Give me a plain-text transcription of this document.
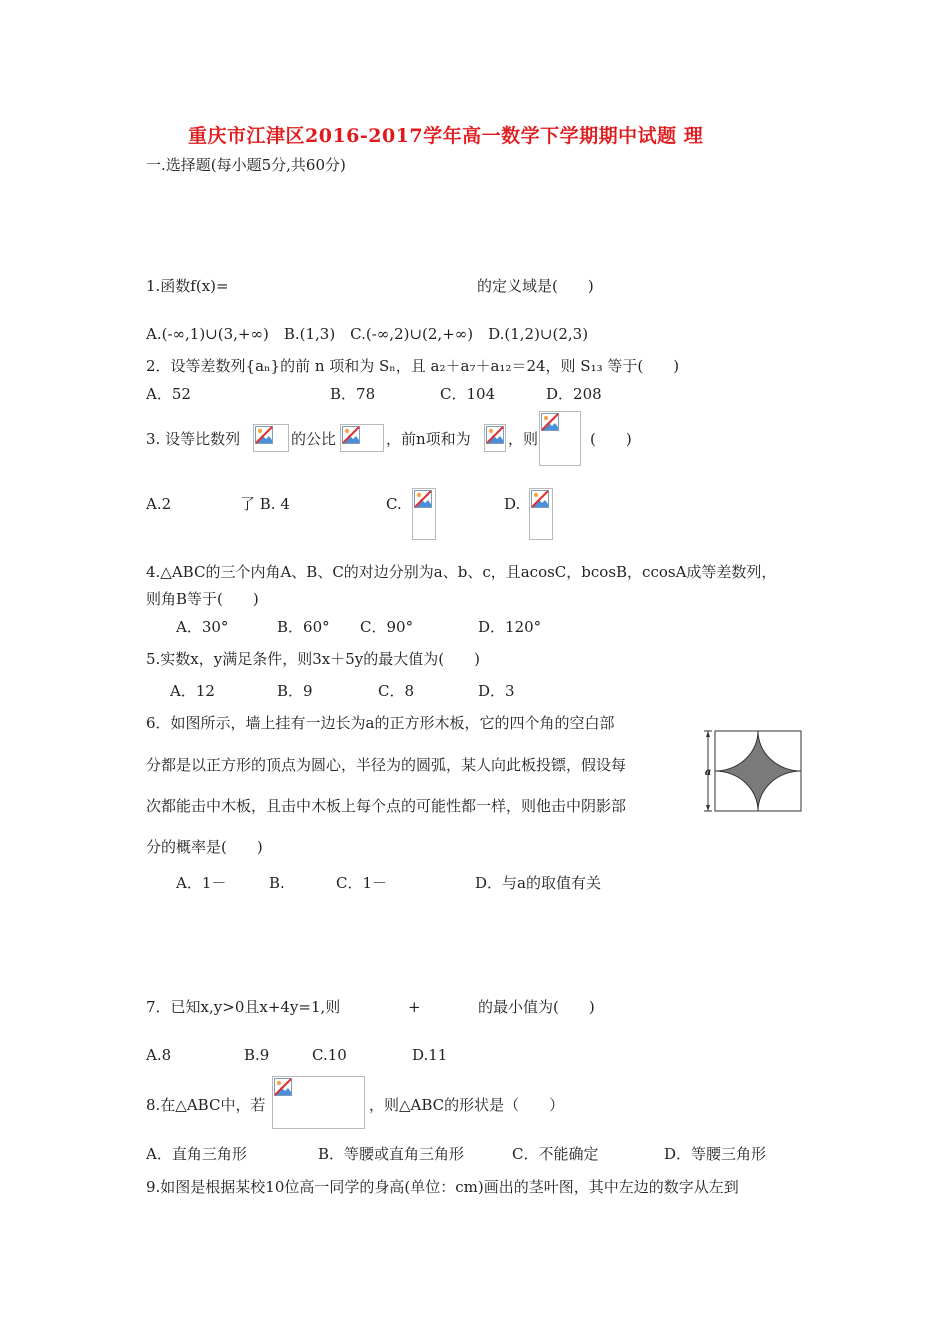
重庆市江津区2016-2017学年高一数学下学期期中试题 理
一.选择题(每小题5分,共60分)
1.函数f(x)=	的定义域是(　　)
A.(-∞,1)∪(3,+∞)　B.(1,3)　C.(-∞,2)∪(2,+∞)　D.(1,2)∪(2,3)
2．设等差数列{aₙ}的前 n 项和为 Sₙ，且 a₂＋a₇＋a₁₂＝24，则 S₁₃ 等于(　　)
A．52	B．78	C．104	D．208
3. 设等比数列	的公比	，前n项和为 ，则	(　　)
A.2	了 B. 4	C.	D.
4.△ABC的三个内角A、B、C的对边分别为a、b、c，且acosC，bcosB，ccosA成等差数列，
则角B等于(　　)
A．30°	B．60° C．90°	D．120°
5.实数x，y满足条件，则3x＋5y的最大值为(　　)
A．12	B．9	C．8	D．3
6．如图所示，墙上挂有一边长为a的正方形木板，它的四个角的空白部
分都是以正方形的顶点为圆心，半径为的圆弧，某人向此板投镖，假设每
次都能击中木板，且击中木板上每个点的可能性都一样，则他击中阴影部
分的概率是(　　)
A．1－	B.	C．1－	D．与a的取值有关
a
7．已知x,y>0且x+4y=1,则	+	的最小值为(　　)
A.8	B.9	C.10	D.11
8.在△ABC中，若	，则△ABC的形状是（　　）
A．直角三角形	B．等腰或直角三角形	C．不能确定	D．等腰三角形
9.如图是根据某校10位高一同学的身高(单位：cm)画出的茎叶图，其中左边的数字从左到
